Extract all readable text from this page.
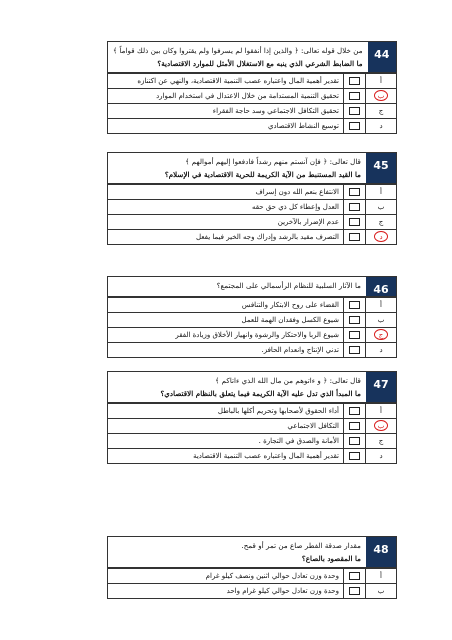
من خلال قوله تعالى: ﴿ والذين إذا أنفقوا لم يسرفوا ولم يقتروا وكان بين ذلك قواماً ﴾
ما الضابط الشرعي الذي ينبه مع الاستغلال الأمثل للموارد الاقتصادية؟
44
تقدير أهمية المال واعتباره عصب التنمية الاقتصادية، والنهي عن اكتنازه	أ
تحقيق التنمية المستدامة من خلال الاعتدال في استخدام الموارد	ب
تحقيق التكافل الاجتماعي وسد حاجة الفقراء	ج
توسيع النشاط الاقتصادي	د
قال تعالى: ﴿ فإن آنستم منهم رشداً فادفعوا إليهم أموالهم ﴾
ما القيد المستنبط من الآية الكريمة للحرية الاقتصادية في الإسلام؟
45
الانتفاع بنعم الله دون إسراف	أ
العدل وإعطاء كل ذي حق حقه	ب
عدم الإضرار بالآخرين	ج
التصرف مقيد بالرشد وإدراك وجه الخير فيما يفعل	د
ما الآثار السلبية للنظام الرأسمالي على المجتمع؟	46
القضاء على روح الابتكار والتنافس	أ
شيوع الكسل وفقدان الهمة للعمل	ب
شيوع الربا والاحتكار والرشوة وانهيار الأخلاق وزيادة الفقر	ج
تدني الإنتاج وانعدام الحافز.	د
قال تعالى: ﴿ و ءاتوهم من مال الله الذي ءاتاكم ﴾
ما المبدأ الذي تدل عليه الآية الكريمة فيما يتعلق بالنظام الاقتصادي؟
47
أداء الحقوق لأصحابها وتحريم أكلها بالباطل	أ
التكافل الاجتماعي	ب
الأمانة والصدق في التجارة .	ج
تقدير أهمية المال واعتباره عصب التنمية الاقتصادية	د
مقدار صدقة الفطر صاع من تمر أو قمح.
ما المقصود بالصاع؟
48
وحدة وزن تعادل حوالي اثنين ونصف كيلو غرام	أ
وحدة وزن تعادل حوالي كيلو غرام واحد	ب
